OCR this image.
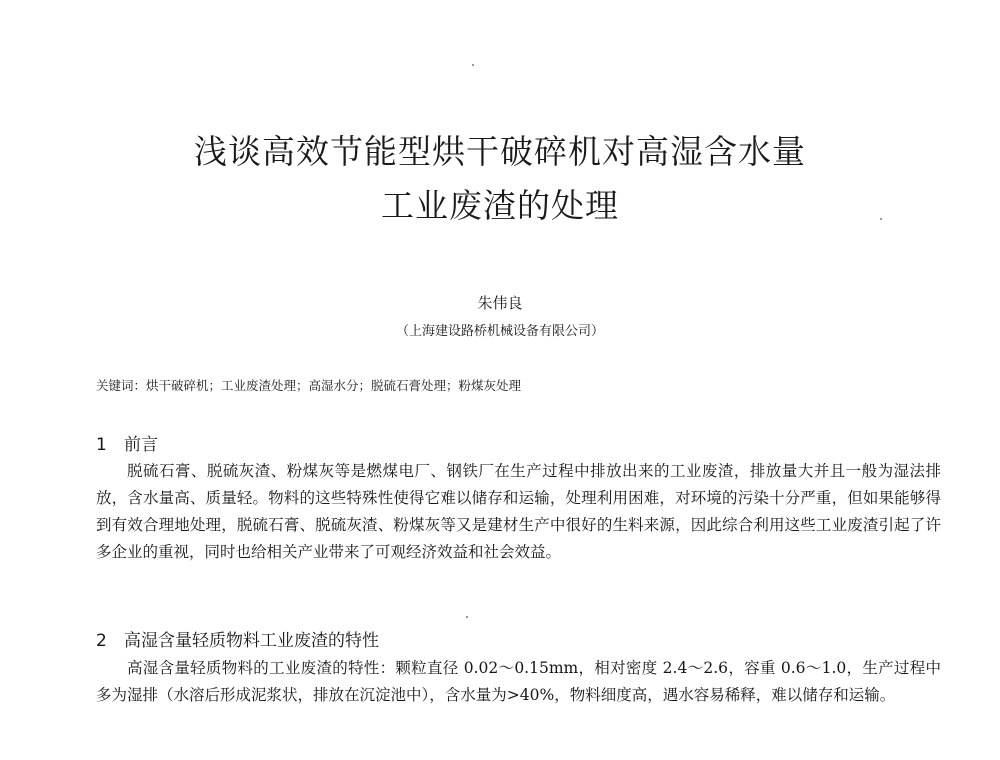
浅谈高效节能型烘干破碎机对高湿含水量
工业废渣的处理
朱伟良
（上海建设路桥机械设备有限公司）
关键词：烘干破碎机；工业废渣处理；高湿水分；脱硫石膏处理；粉煤灰处理
1 前言
脱硫石膏、脱硫灰渣、粉煤灰等是燃煤电厂、钢铁厂在生产过程中排放出来的工业废渣，排放量大并且一般为湿法排放，含水量高、质量轻。物料的这些特殊性使得它难以储存和运输，处理利用困难，对环境的污染十分严重，但如果能够得到有效合理地处理，脱硫石膏、脱硫灰渣、粉煤灰等又是建材生产中很好的生料来源，因此综合利用这些工业废渣引起了许多企业的重视，同时也给相关产业带来了可观经济效益和社会效益。
2 高湿含量轻质物料工业废渣的特性
高湿含量轻质物料的工业废渣的特性：颗粒直径 0.02～0.15mm，相对密度 2.4～2.6，容重 0.6～1.0，生产过程中多为湿排（水溶后形成泥浆状，排放在沉淀池中），含水量为>40%，物料细度高，遇水容易稀释，难以储存和运输。
